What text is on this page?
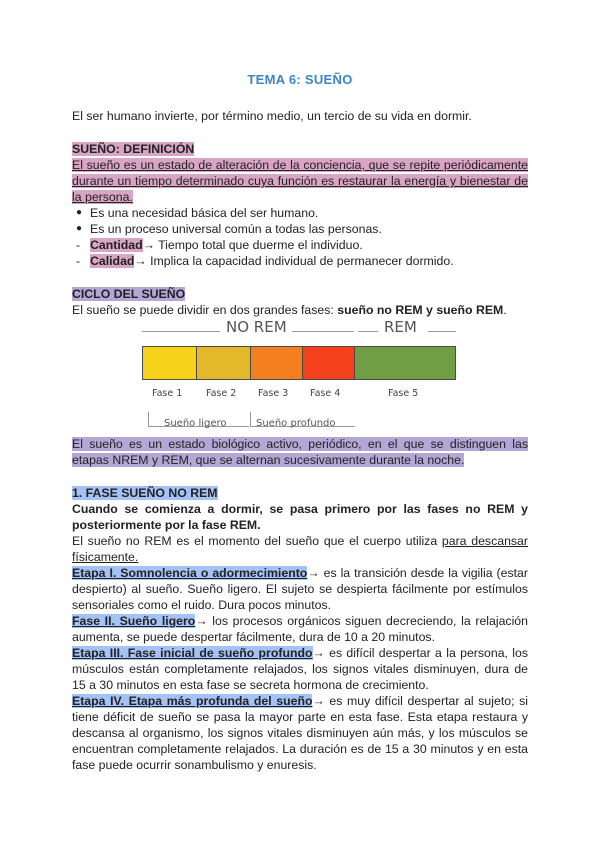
TEMA 6: SUEÑO
El ser humano invierte, por término medio, un tercio de su vida en dormir.
SUEÑO: DEFINICIÓN
El sueño es un estado de alteración de la conciencia, que se repite periódicamente durante un tiempo determinado cuya función es restaurar la energía y bienestar de la persona.
● Es una necesidad básica del ser humano.
● Es un proceso universal común a todas las personas.
- Cantidad→ Tiempo total que duerme el individuo.
- Calidad→ Implica la capacidad individual de permanecer dormido.
CICLO DEL SUEÑO
El sueño se puede dividir en dos grandes fases: sueño no REM y sueño REM.
NO REM	REM
Fase 1 Fase 2 Fase 3 Fase 4	Fase 5
Sueño ligero	Sueño profundo
El sueño es un estado biológico activo, periódico, en el que se distinguen las etapas NREM y REM, que se alternan sucesivamente durante la noche.
1. FASE SUEÑO NO REM
Cuando se comienza a dormir, se pasa primero por las fases no REM y posteriormente por la fase REM.
El sueño no REM es el momento del sueño que el cuerpo utiliza para descansar físicamente.
Etapa I. Somnolencia o adormecimiento→ es la transición desde la vigilia (estar despierto) al sueño. Sueño ligero. El sujeto se despierta fácilmente por estímulos sensoriales como el ruido. Dura pocos minutos.
Fase II. Sueño ligero→ los procesos orgánicos siguen decreciendo, la relajación aumenta, se puede despertar fácilmente, dura de 10 a 20 minutos.
Etapa III. Fase inicial de sueño profundo→ es difícil despertar a la persona, los músculos están completamente relajados, los signos vitales disminuyen, dura de 15 a 30 minutos en esta fase se secreta hormona de crecimiento.
Etapa IV. Etapa más profunda del sueño→ es muy difícil despertar al sujeto; si tiene déficit de sueño se pasa la mayor parte en esta fase. Esta etapa restaura y descansa al organismo, los signos vitales disminuyen aún más, y los músculos se encuentran completamente relajados. La duración es de 15 a 30 minutos y en esta fase puede ocurrir sonambulismo y enuresis.
